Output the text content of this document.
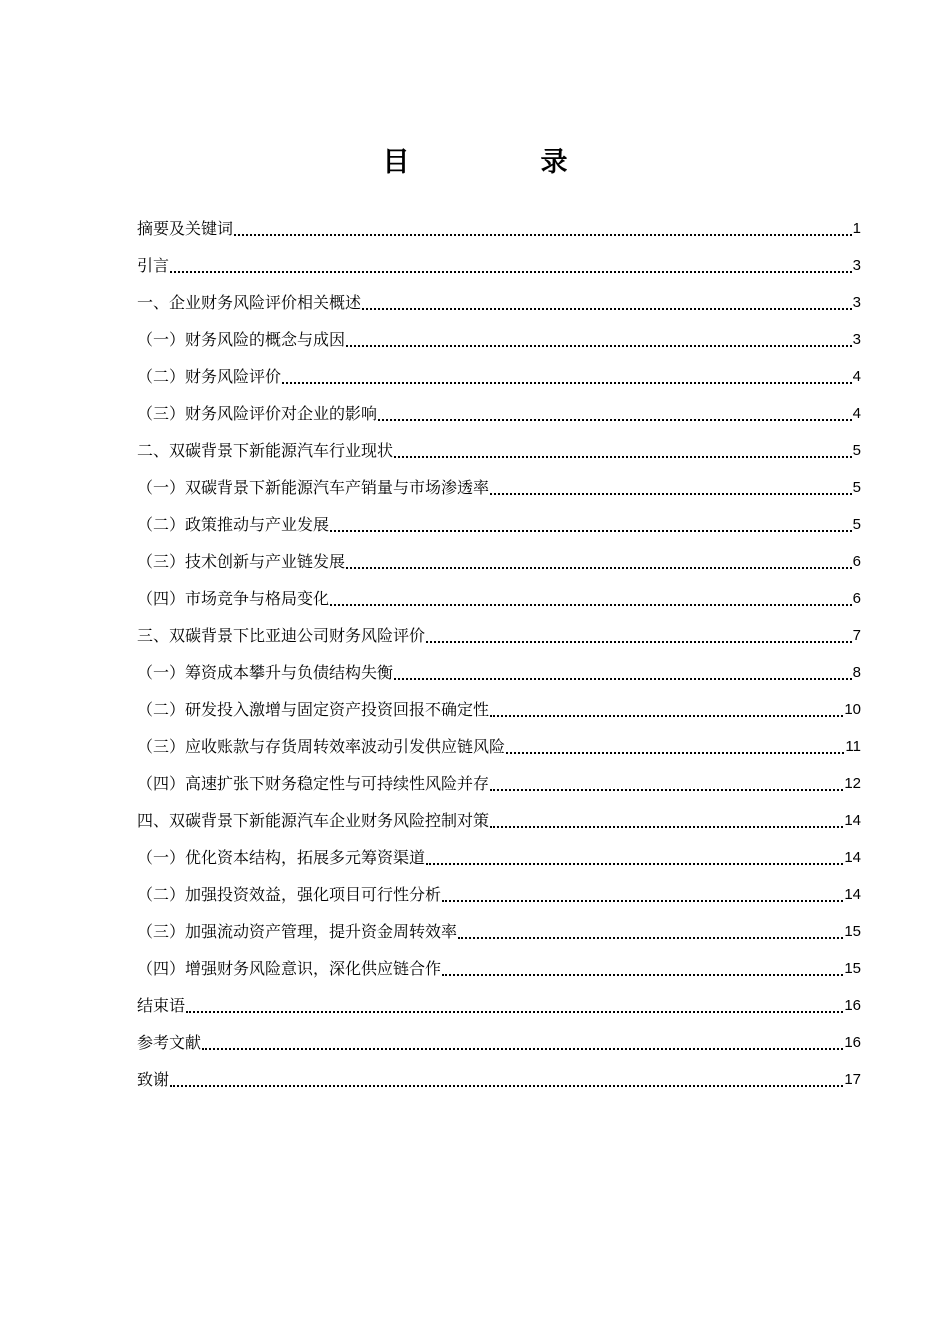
目　录
摘要及关键词	1
引言	3
一、企业财务风险评价相关概述	3
（一）财务风险的概念与成因	3
（二）财务风险评价	4
（三）财务风险评价对企业的影响	4
二、双碳背景下新能源汽车行业现状	5
（一）双碳背景下新能源汽车产销量与市场渗透率	5
（二）政策推动与产业发展	5
（三）技术创新与产业链发展	6
（四）市场竞争与格局变化	6
三、双碳背景下比亚迪公司财务风险评价	7
（一）筹资成本攀升与负债结构失衡	8
（二）研发投入激增与固定资产投资回报不确定性	10
（三）应收账款与存货周转效率波动引发供应链风险	11
（四）高速扩张下财务稳定性与可持续性风险并存	12
四、双碳背景下新能源汽车企业财务风险控制对策	14
（一）优化资本结构，拓展多元筹资渠道	14
（二）加强投资效益，强化项目可行性分析	14
（三）加强流动资产管理，提升资金周转效率	15
（四）增强财务风险意识，深化供应链合作	15
结束语	16
参考文献	16
致谢	17
